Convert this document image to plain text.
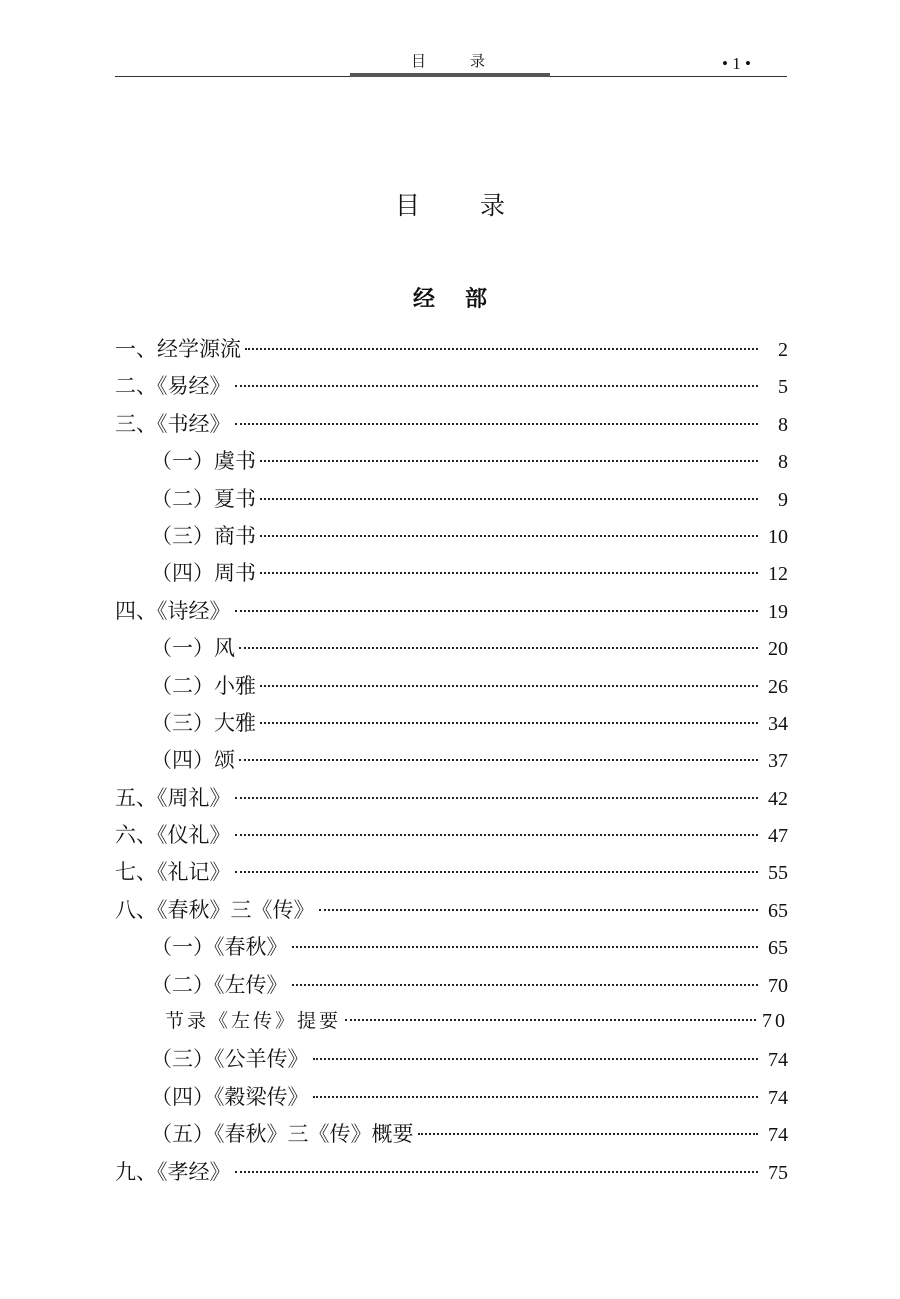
目录	• 1 •
目录
经部
一、经学源流	2
二、《易经》	5
三、《书经》	8
（一）虞书	8
（二）夏书	9
（三）商书	10
（四）周书	12
四、《诗经》	19
（一）风	20
（二）小雅	26
（三）大雅	34
（四）颂	37
五、《周礼》	42
六、《仪礼》	47
七、《礼记》	55
八、《春秋》三《传》	65
（一）《春秋》	65
（二）《左传》	70
节录《左传》提要	70
（三）《公羊传》	74
（四）《穀梁传》	74
（五）《春秋》三《传》概要	74
九、《孝经》	75
